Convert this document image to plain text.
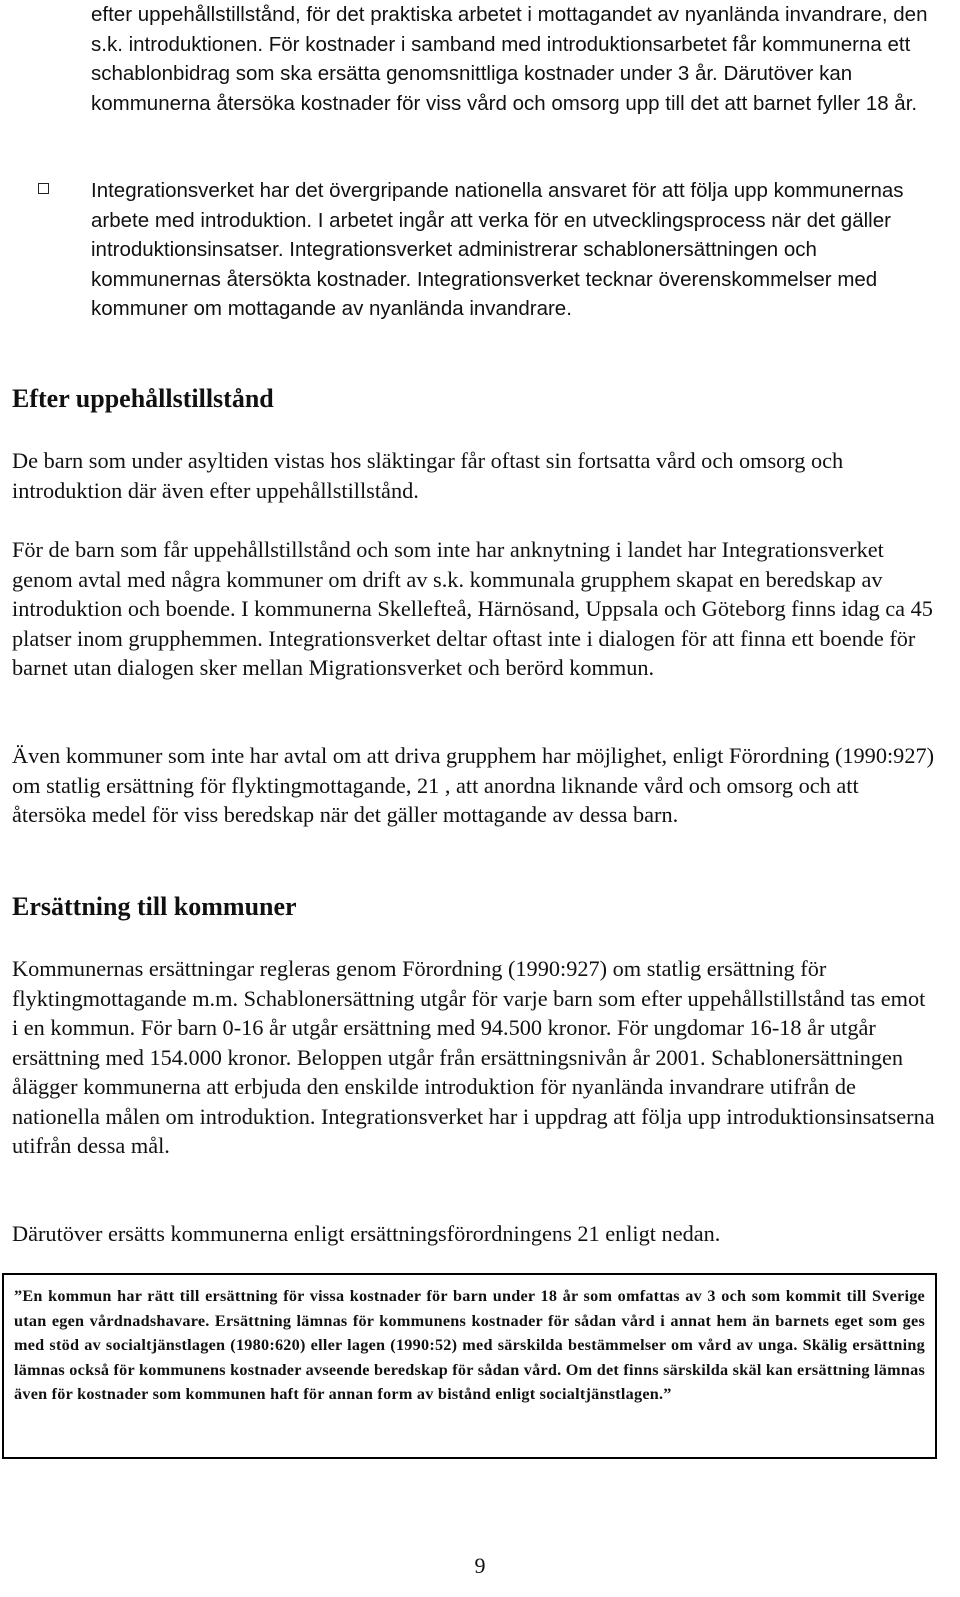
efter uppehållstillstånd, för det praktiska arbetet i mottagandet av nyanlända invandrare, den s.k. introduktionen. För kostnader i samband med introduktionsarbetet får kommunerna ett schablonbidrag som ska ersätta genomsnittliga kostnader under 3 år. Därutöver kan kommunerna återsöka kostnader för viss vård och omsorg upp till det att barnet fyller 18 år.
Integrationsverket har det övergripande nationella ansvaret för att följa upp kommunernas arbete med introduktion. I arbetet ingår att verka för en utvecklingsprocess när det gäller introduktionsinsatser. Integrationsverket administrerar schablonersättningen och kommunernas återsökta kostnader. Integrationsverket tecknar överenskommelser med kommuner om mottagande av nyanlända invandrare.
Efter uppehållstillstånd
De barn som under asyltiden vistas hos släktingar får oftast sin fortsatta vård och omsorg och introduktion där även efter uppehållstillstånd.
För de barn som får uppehållstillstånd och som inte har anknytning i landet har Integrationsverket genom avtal med några kommuner om drift av s.k. kommunala grupphem skapat en beredskap av introduktion och boende. I kommunerna Skellefteå, Härnösand, Uppsala och Göteborg finns idag ca 45 platser inom grupphemmen. Integrationsverket deltar oftast inte i dialogen för att finna ett boende för barnet utan dialogen sker mellan Migrationsverket och berörd kommun.
Även kommuner som inte har avtal om att driva grupphem har möjlighet, enligt Förordning (1990:927) om statlig ersättning för flyktingmottagande, 21 , att anordna liknande vård och omsorg och att återsöka medel för viss beredskap när det gäller mottagande av dessa barn.
Ersättning till kommuner
Kommunernas ersättningar regleras genom Förordning (1990:927) om statlig ersättning för flyktingmottagande m.m. Schablonersättning utgår för varje barn som efter uppehållstillstånd tas emot i en kommun. För barn 0-16 år utgår ersättning med 94.500 kronor. För ungdomar 16-18 år utgår ersättning med 154.000 kronor. Beloppen utgår från ersättningsnivån år 2001. Schablonersättningen ålägger kommunerna att erbjuda den enskilde introduktion för nyanlända invandrare utifrån de nationella målen om introduktion. Integrationsverket har i uppdrag att följa upp introduktionsinsatserna utifrån dessa mål.
Därutöver ersätts kommunerna enligt ersättningsförordningens 21 enligt nedan.
”En kommun har rätt till ersättning för vissa kostnader för barn under 18 år som omfattas av 3 och som kommit till Sverige utan egen vårdnadshavare. Ersättning lämnas för kommunens kostnader för sådan vård i annat hem än barnets eget som ges med stöd av socialtjänstlagen (1980:620) eller lagen (1990:52) med särskilda bestämmelser om vård av unga. Skälig ersättning lämnas också för kommunens kostnader avseende beredskap för sådan vård. Om det finns särskilda skäl kan ersättning lämnas även för kostnader som kommunen haft för annan form av bistånd enligt socialtjänstlagen.”
9
